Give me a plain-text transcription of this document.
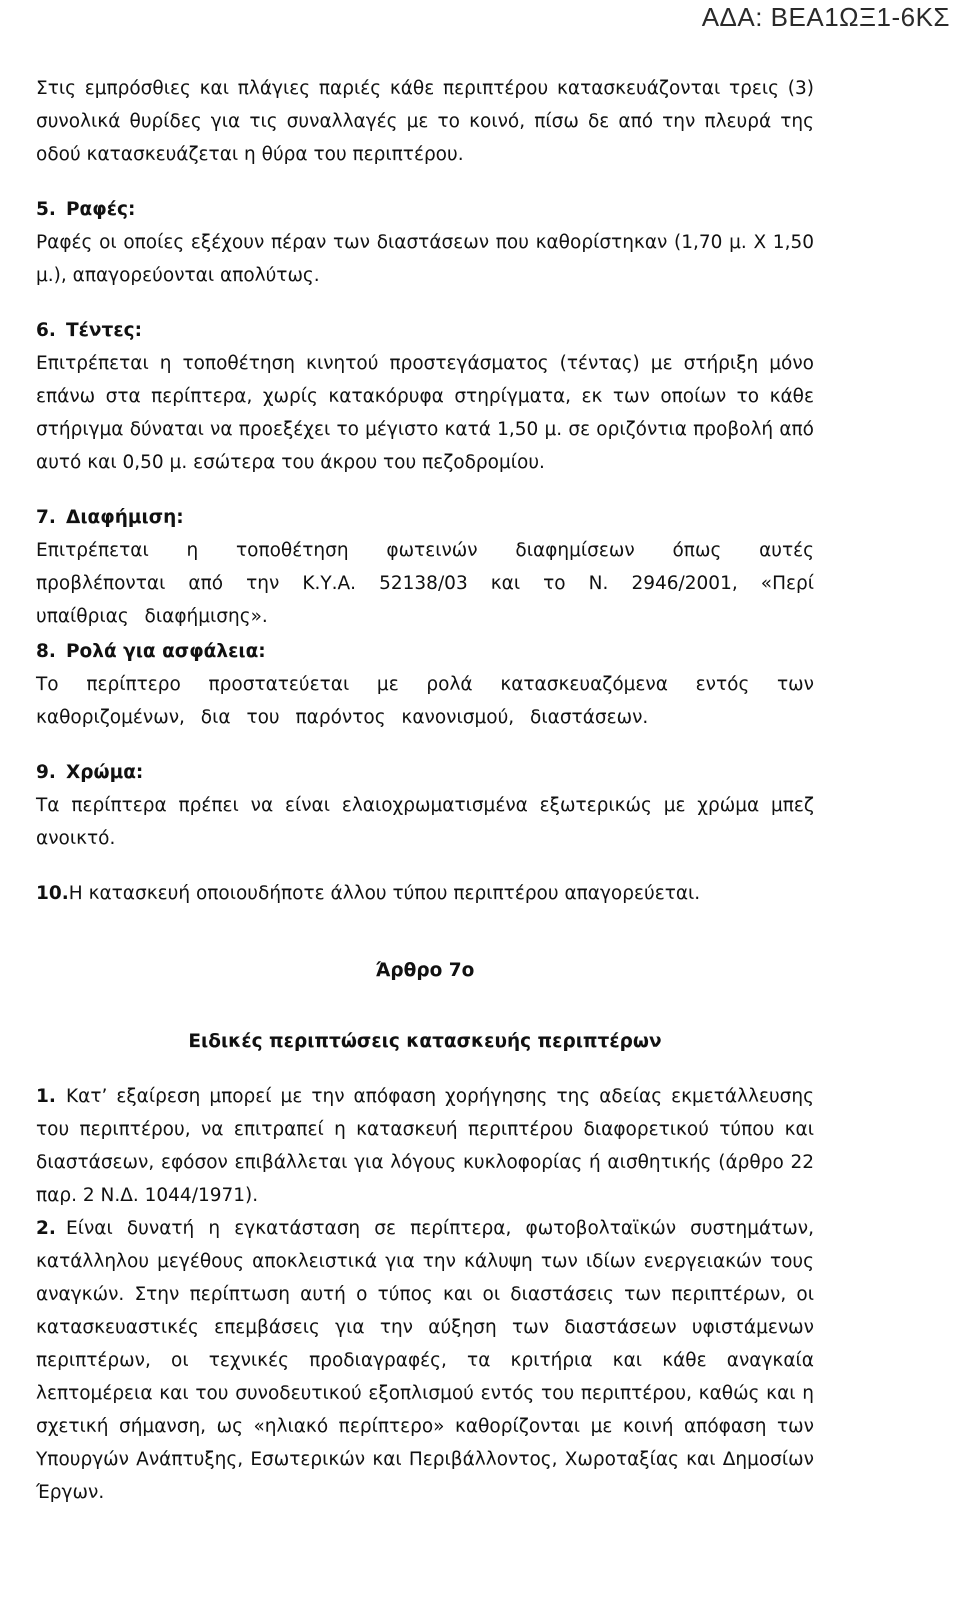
ΑΔΑ: ΒΕΑ1ΩΞ1-6ΚΣ

Στις εμπρόσθιες και πλάγιες παριές κάθε περιπτέρου κατασκευάζονται τρεις (3) συνολικά θυρίδες για τις συναλλαγές με το κοινό, πίσω δε από την πλευρά της οδού κατασκευάζεται η θύρα του περιπτέρου.

5. Ραφές:

Ραφές οι οποίες εξέχουν πέραν των διαστάσεων που καθορίστηκαν (1,70 μ. Χ 1,50 μ.), απαγορεύονται απολύτως.

6. Τέντες:

Επιτρέπεται η τοποθέτηση κινητού προστεγάσματος (τέντας) με στήριξη μόνο επάνω στα περίπτερα, χωρίς κατακόρυφα στηρίγματα, εκ των οποίων το κάθε στήριγμα δύναται να προεξέχει το μέγιστο κατά 1,50 μ. σε οριζόντια προβολή από αυτό και 0,50 μ. εσώτερα του άκρου του πεζοδρομίου.

7. Διαφήμιση:

Επιτρέπεται η τοποθέτηση φωτεινών διαφημίσεων όπως αυτές προβλέπονται από την Κ.Υ.Α. 52138/03 και το Ν. 2946/2001, «Περί υπαίθριας διαφήμισης».

8. Ρολά για ασφάλεια:

Το περίπτερο προστατεύεται με ρολά κατασκευαζόμενα εντός των καθοριζομένων, δια του παρόντος κανονισμού, διαστάσεων.

9. Χρώμα:

Τα περίπτερα πρέπει να είναι ελαιοχρωματισμένα εξωτερικώς με χρώμα μπεζ ανοικτό.

10.Η κατασκευή οποιουδήποτε άλλου τύπου περιπτέρου απαγορεύεται.
Άρθρο 7ο
Ειδικές περιπτώσεις κατασκευής περιπτέρων

1. Κατ’ εξαίρεση μπορεί με την απόφαση χορήγησης της αδείας εκμετάλλευσης του περιπτέρου, να επιτραπεί η κατασκευή περιπτέρου διαφορετικού τύπου και διαστάσεων, εφόσον επιβάλλεται για λόγους κυκλοφορίας ή αισθητικής (άρθρο 22 παρ. 2 Ν.Δ. 1044/1971).

2. Είναι δυνατή η εγκατάσταση σε περίπτερα, φωτοβολταϊκών συστημάτων, κατάλληλου μεγέθους αποκλειστικά για την κάλυψη των ιδίων ενεργειακών τους αναγκών. Στην περίπτωση αυτή ο τύπος και οι διαστάσεις των περιπτέρων, οι κατασκευαστικές επεμβάσεις για την αύξηση των διαστάσεων υφιστάμενων περιπτέρων, οι τεχνικές προδιαγραφές, τα κριτήρια και κάθε αναγκαία λεπτομέρεια και του συνοδευτικού εξοπλισμού εντός του περιπτέρου, καθώς και η σχετική σήμανση, ως «ηλιακό περίπτερο» καθορίζονται με κοινή απόφαση των Υπουργών Ανάπτυξης, Εσωτερικών και Περιβάλλοντος, Χωροταξίας και Δημοσίων Έργων.
